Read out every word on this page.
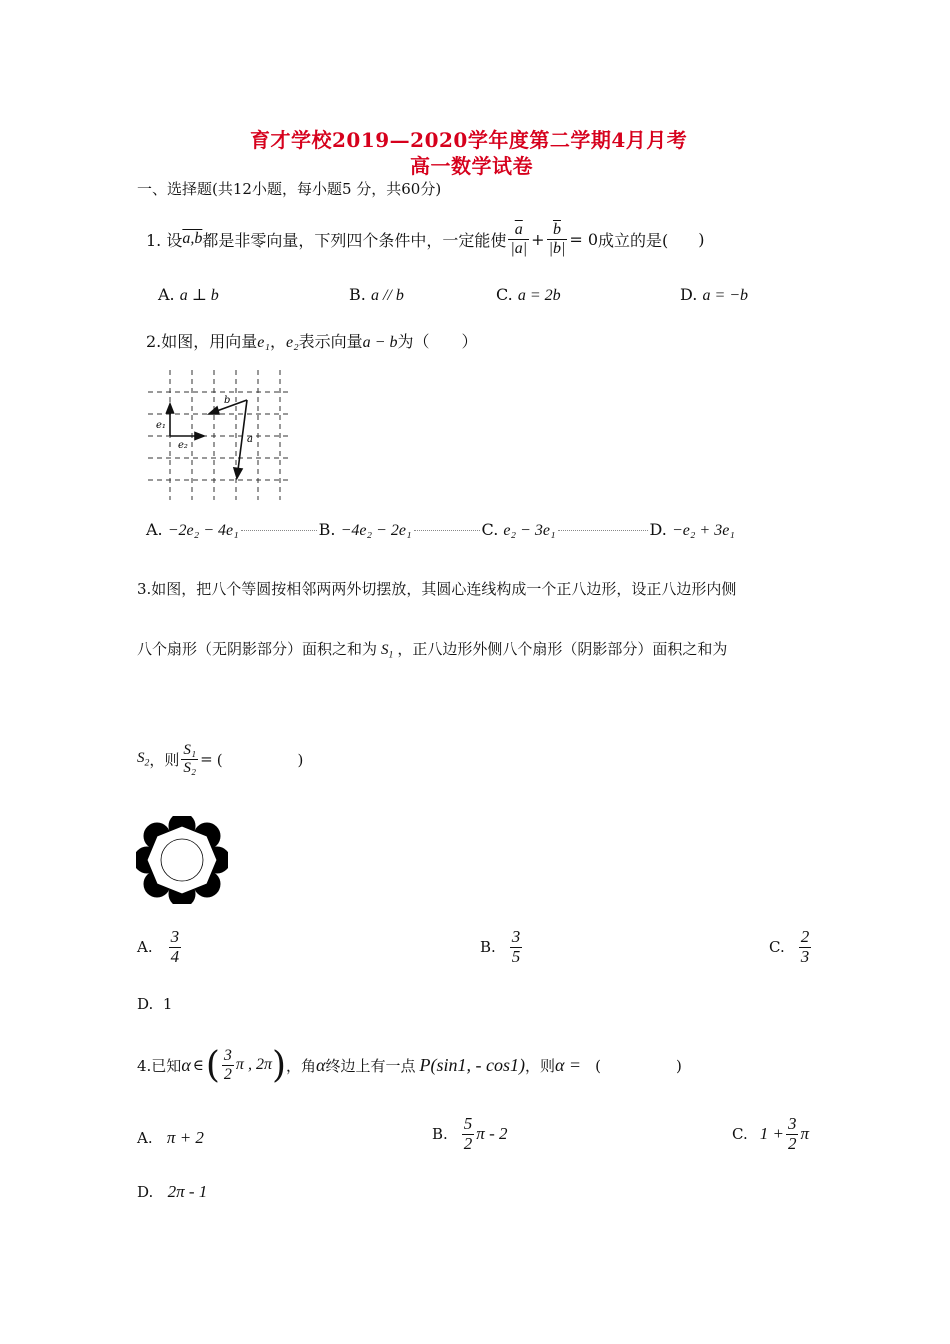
育才学校2019—2020学年度第二学期4月月考
高一数学试卷
一、选择题(共12小题，每小题5 分，共60分)
1. 设 a,b 都是非零向量，下列四个条件中，一定能使 $\frac{\overline{a}}{|a|} + \frac{\overline{b}}{|b|} = 0$ 成立的是( )
A. a ⊥ b	B. a // b	C. a = 2b	D. a = −b
2.如图，用向量e₁，e₂表示向量a − b为（　　）
b
a
e₁
e₂
A. −2e₂ − 4e₁	B. −4e₂ − 2e₁	C. e₂ − 3e₁	D. −e₂ + 3e₁
3.如图，把八个等圆按相邻两两外切摆放，其圆心连线构成一个正八边形，设正八边形内侧
八个扇形（无阴影部分）面积之和为 $S_1$ ，正八边形外侧八个扇形（阴影部分）面积之和为
$S_2$ ，则 $\frac{\text{S₁}}{\text{S₂}}$ = (　　　　　)
A. $\frac{3}{4}$	B. $\frac{3}{5}$	C. $\frac{2}{3}$
D. 1
4.已知 α ∈ ( $\frac{3}{2}$ π , 2π ) ，角 α 终边上有一点 P(sin1, - cos1) ，则 α = (　　　　　)
A. π + 2	B. $\frac{5}{2}$ π - 2	C. $1 + \frac{3}{2}$ π
D. 2π - 1
